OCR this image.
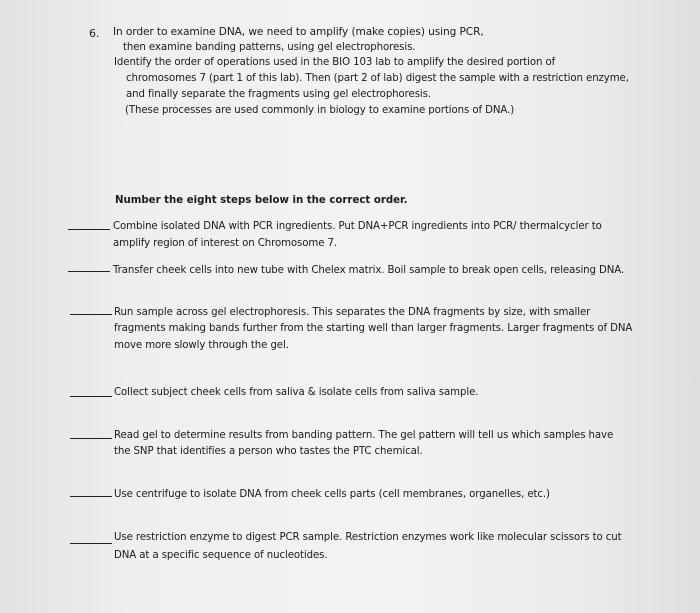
6. In order to examine DNA, we need to amplify (make copies) using PCR,
then examine banding patterns, using gel electrophoresis.
Identify the order of operations used in the BIO 103 lab to amplify the desired portion of
chromosomes 7 (part 1 of this lab). Then (part 2 of lab) digest the sample with a restriction enzyme,
and finally separate the fragments using gel electrophoresis.
(These processes are used commonly in biology to examine portions of DNA.)
Number the eight steps below in the correct order.
Combine isolated DNA with PCR ingredients. Put DNA+PCR ingredients into PCR/ thermalcycler to
amplify region of interest on Chromosome 7.
Transfer cheek cells into new tube with Chelex matrix. Boil sample to break open cells, releasing DNA.
Run sample across gel electrophoresis. This separates the DNA fragments by size, with smaller
fragments making bands further from the starting well than larger fragments. Larger fragments of DNA
move more slowly through the gel.
Collect subject cheek cells from saliva & isolate cells from saliva sample.
Read gel to determine results from banding pattern. The gel pattern will tell us which samples have
the SNP that identifies a person who tastes the PTC chemical.
Use centrifuge to isolate DNA from cheek cells parts (cell membranes, organelles, etc.)
Use restriction enzyme to digest PCR sample. Restriction enzymes work like molecular scissors to cut
DNA at a specific sequence of nucleotides.
